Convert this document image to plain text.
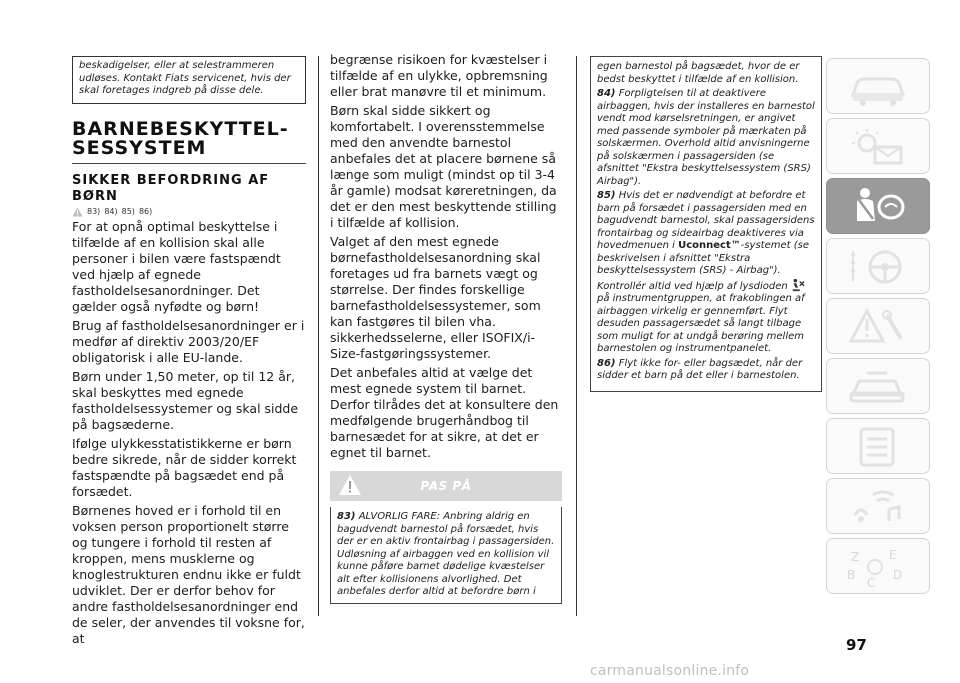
beskadigelser, eller at selestrammeren udløses. Kontakt Fiats servicenet, hvis der skal foretages indgreb på disse dele.
BARNEBESKYTTEL-SESSYSTEM
SIKKER BEFORDRING AF BØRN
83) 84) 85) 86)

For at opnå optimal beskyttelse i tilfælde af en kollision skal alle personer i bilen være fastspændt ved hjælp af egnede fastholdelsesanordninger. Det gælder også nyfødte og børn!

Brug af fastholdelsesanordninger er i medfør af direktiv 2003/20/EF obligatorisk i alle EU-lande.

Børn under 1,50 meter, op til 12 år, skal beskyttes med egnede fastholdelsessystemer og skal sidde på bagsæderne.

Ifølge ulykkesstatistikkerne er børn bedre sikrede, når de sidder korrekt fastspændte på bagsædet end på forsædet.

Børnenes hoved er i forhold til en voksen person proportionelt større og tungere i forhold til resten af kroppen, mens musklerne og knoglestrukturen endnu ikke er fuldt udviklet. Der er derfor behov for andre fastholdelsesanordninger end de seler, der anvendes til voksne for, at

begrænse risikoen for kvæstelser i tilfælde af en ulykke, opbremsning eller brat manøvre til et minimum.

Børn skal sidde sikkert og komfortabelt. I overensstemmelse med den anvendte barnestol anbefales det at placere børnene så længe som muligt (mindst op til 3-4 år gamle) modsat køreretningen, da det er den mest beskyttende stilling i tilfælde af kollision.

Valget af den mest egnede børnefastholdelsesanordning skal foretages ud fra barnets vægt og størrelse. Der findes forskellige barnefastholdelsessystemer, som kan fastgøres til bilen vha. sikkerhedsselerne, eller ISOFIX/i-Size-fastgøringssystemer.

Det anbefales altid at vælge det mest egnede system til barnet. Derfor tilrådes det at konsultere den medfølgende brugerhåndbog til barnesædet for at sikre, at det er egnet til barnet.

PAS PÅ
83) ALVORLIG FARE: Anbring aldrig en bagudvendt barnestol på forsædet, hvis der er en aktiv frontairbag i passagersiden. Udløsning af airbaggen ved en kollision vil kunne påføre barnet dødelige kvæstelser alt efter kollisionens alvorlighed. Det anbefales derfor altid at befordre børn i

egen barnestol på bagsædet, hvor de er bedst beskyttet i tilfælde af en kollision.

84) Forpligtelsen til at deaktivere airbaggen, hvis der installeres en barnestol vendt mod kørselsretningen, er angivet med passende symboler på mærkaten på solskærmen. Overhold altid anvisningerne på solskærmen i passagersiden (se afsnittet "Ekstra beskyttelsessystem (SRS) Airbag").

85) Hvis det er nødvendigt at befordre et barn på forsædet i passagersiden med en bagudvendt barnestol, skal passagersidens frontairbag og sideairbag deaktiveres via hovedmenuen i Uconnect™-systemet (se beskrivelsen i afsnittet "Ekstra beskyttelsessystem (SRS) - Airbag"). Kontrollér altid ved hjælp af lysdioden  på instrumentgruppen, at frakoblingen af airbaggen virkelig er gennemført. Flyt desuden passagersædet så langt tilbage som muligt for at undgå berøring mellem barnestolen og instrumentpanelet.

86) Flyt ikke for- eller bagsædet, når der sidder et barn på det eller i barnestolen.

Z E
B	D
C
97
carmanualsonline.info
